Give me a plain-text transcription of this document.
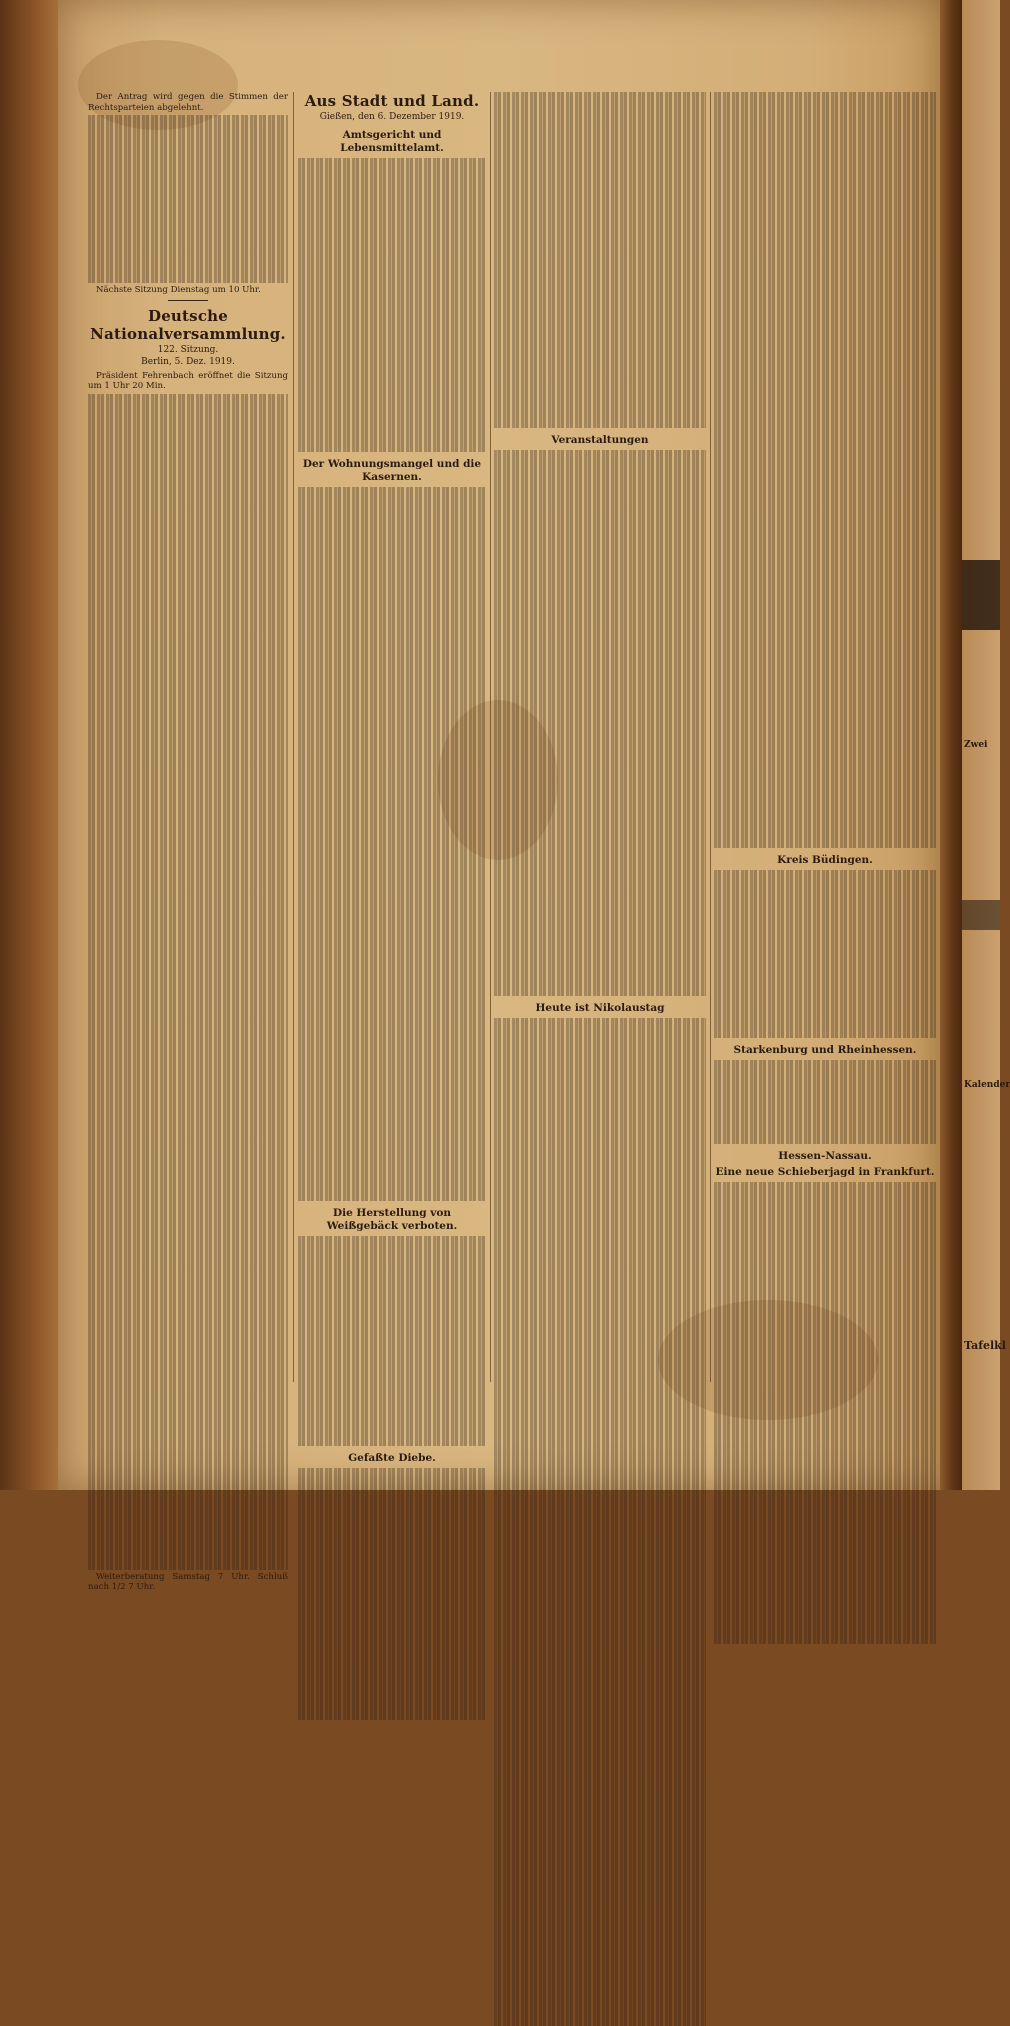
Der Antrag wird gegen die Stimmen der Rechtsparteien abgelehnt.

Nächste Sitzung Dienstag um 10 Uhr.

Deutsche Nationalversammlung.
122. Sitzung.
Berlin, 5. Dez. 1919.

Präsident Fehrenbach eröffnet die Sitzung um 1 Uhr 20 Min.

Weiterberatung Samstag 7 Uhr. Schluß nach 1/2 7 Uhr.

Aus Stadt und Land.
Gießen, den 6. Dezember 1919.
Amtsgericht und Lebensmittelamt.
Der Wohnungsmangel und die Kasernen.
Die Herstellung von Weißgebäck verboten.
Gefaßte Diebe.
Veranstaltungen
Heute ist Nikolaustag
Kreis Büdingen.
Starkenburg und Rheinhessen.
Hessen-Nassau.
Eine neue Schieberjagd in Frankfurt.
Zwei
Kalender
Tafelkl
